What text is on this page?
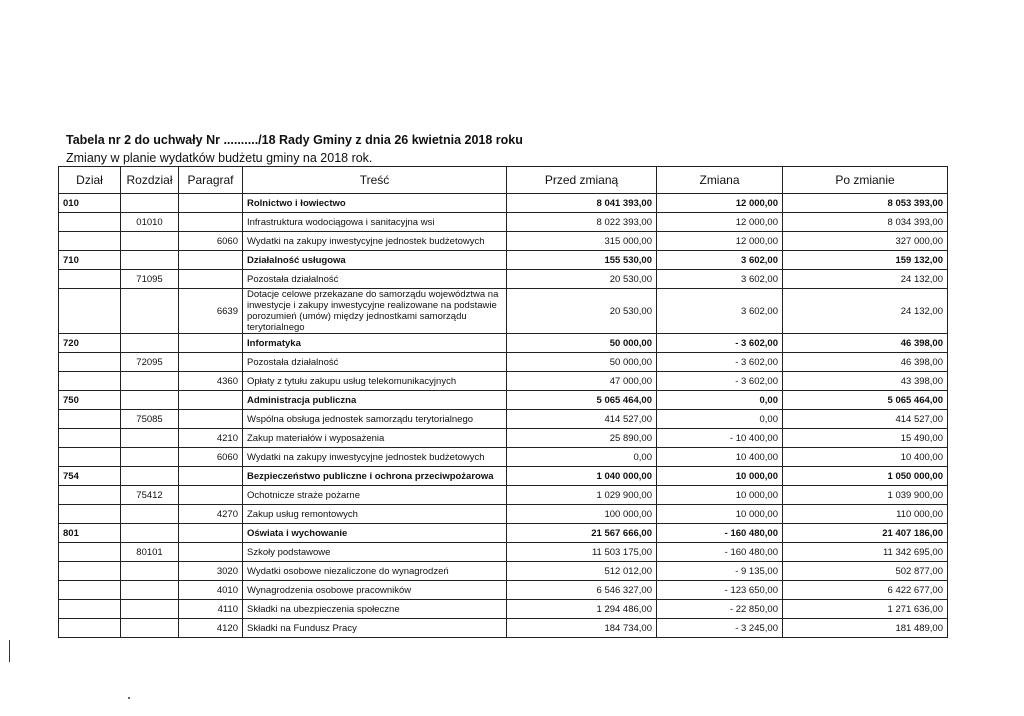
Tabela nr 2 do uchwały Nr ........../18 Rady Gminy z dnia 26 kwietnia 2018 roku
Zmiany w planie wydatków budżetu gminy na 2018 rok.
Dział	Rozdział	Paragraf	Treść	Przed zmianą	Zmiana	Po zmianie
010			Rolnictwo i łowiectwo	8 041 393,00	12 000,00	8 053 393,00
	01010		Infrastruktura wodociągowa i sanitacyjna wsi	8 022 393,00	12 000,00	8 034 393,00
		6060	Wydatki na zakupy inwestycyjne jednostek budżetowych	315 000,00	12 000,00	327 000,00
710			Działalność usługowa	155 530,00	3 602,00	159 132,00
	71095		Pozostała działalność	20 530,00	3 602,00	24 132,00
		6639	Dotacje celowe przekazane do samorządu województwa na inwestycje i zakupy inwestycyjne realizowane na podstawie porozumień (umów) między jednostkami samorządu terytorialnego	20 530,00	3 602,00	24 132,00
720			Informatyka	50 000,00	- 3 602,00	46 398,00
	72095		Pozostała działalność	50 000,00	- 3 602,00	46 398,00
		4360	Opłaty z tytułu zakupu usług telekomunikacyjnych	47 000,00	- 3 602,00	43 398,00
750			Administracja publiczna	5 065 464,00	0,00	5 065 464,00
	75085		Wspólna obsługa jednostek samorządu terytorialnego	414 527,00	0,00	414 527,00
		4210	Zakup materiałów i wyposażenia	25 890,00	- 10 400,00	15 490,00
		6060	Wydatki na zakupy inwestycyjne jednostek budżetowych	0,00	10 400,00	10 400,00
754			Bezpieczeństwo publiczne i ochrona przeciwpożarowa	1 040 000,00	10 000,00	1 050 000,00
	75412		Ochotnicze straże pożarne	1 029 900,00	10 000,00	1 039 900,00
		4270	Zakup usług remontowych	100 000,00	10 000,00	110 000,00
801			Oświata i wychowanie	21 567 666,00	- 160 480,00	21 407 186,00
	80101		Szkoły podstawowe	11 503 175,00	- 160 480,00	11 342 695,00
		3020	Wydatki osobowe niezaliczone do wynagrodzeń	512 012,00	- 9 135,00	502 877,00
		4010	Wynagrodzenia osobowe pracowników	6 546 327,00	- 123 650,00	6 422 677,00
		4110	Składki na ubezpieczenia społeczne	1 294 486,00	- 22 850,00	1 271 636,00
		4120	Składki na Fundusz Pracy	184 734,00	- 3 245,00	181 489,00
